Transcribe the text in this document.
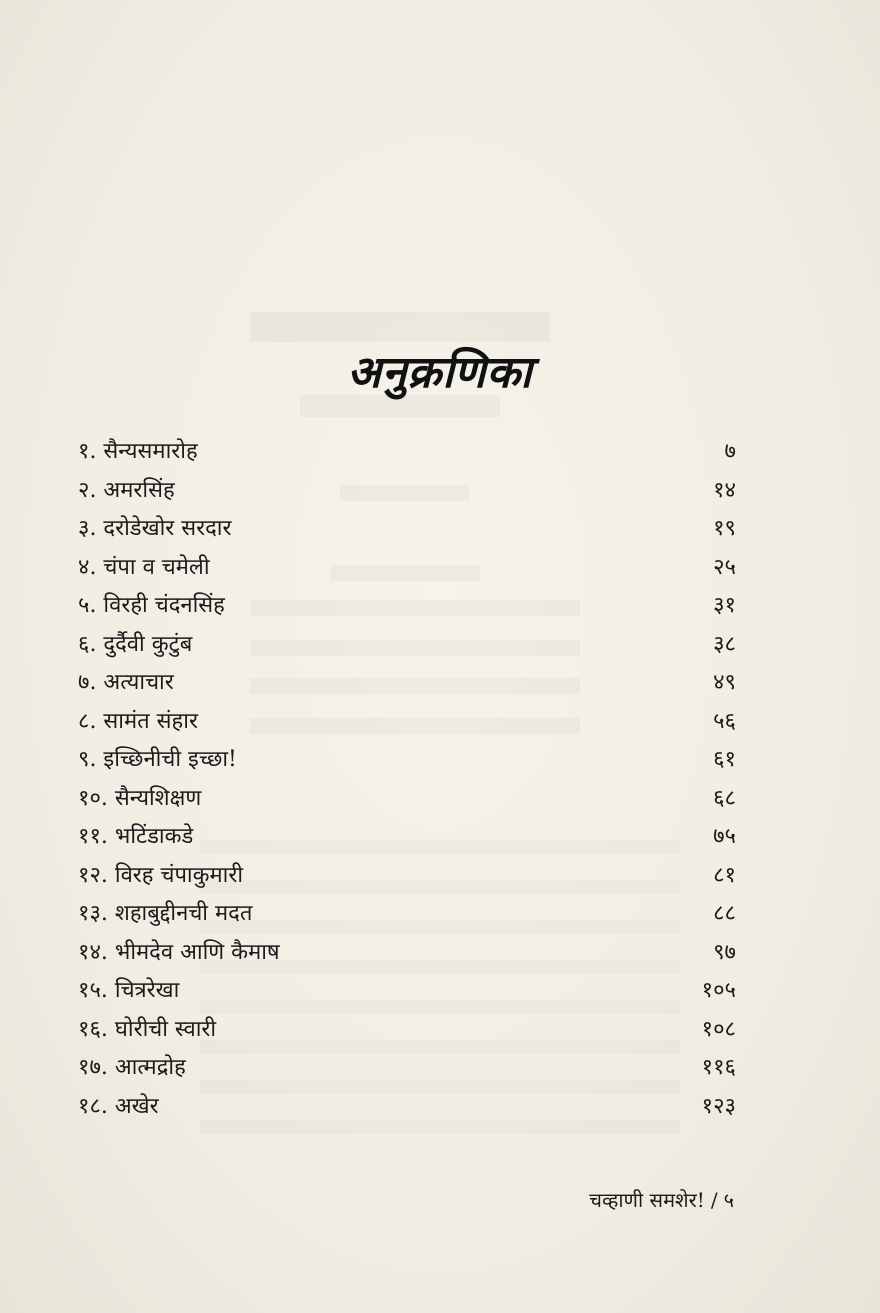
अनुक्रणिका
१. सैन्यसमारोह	७
२. अमरसिंह	१४
३. दरोडेखोर सरदार	१९
४. चंपा व चमेली	२५
५. विरही चंदनसिंह	३१
६. दुर्दैवी कुटुंब	३८
७. अत्याचार	४९
८. सामंत संहार	५६
९. इच्छिनीची इच्छा!	६१
१०. सैन्यशिक्षण	६८
११. भटिंडाकडे	७५
१२. विरह चंपाकुमारी	८१
१३. शहाबुद्दीनची मदत	८८
१४. भीमदेव आणि कैमाष	९७
१५. चित्ररेखा	१०५
१६. घोरीची स्वारी	१०८
१७. आत्मद्रोह	११६
१८. अखेर	१२३
चव्हाणी समशेर! / ५
